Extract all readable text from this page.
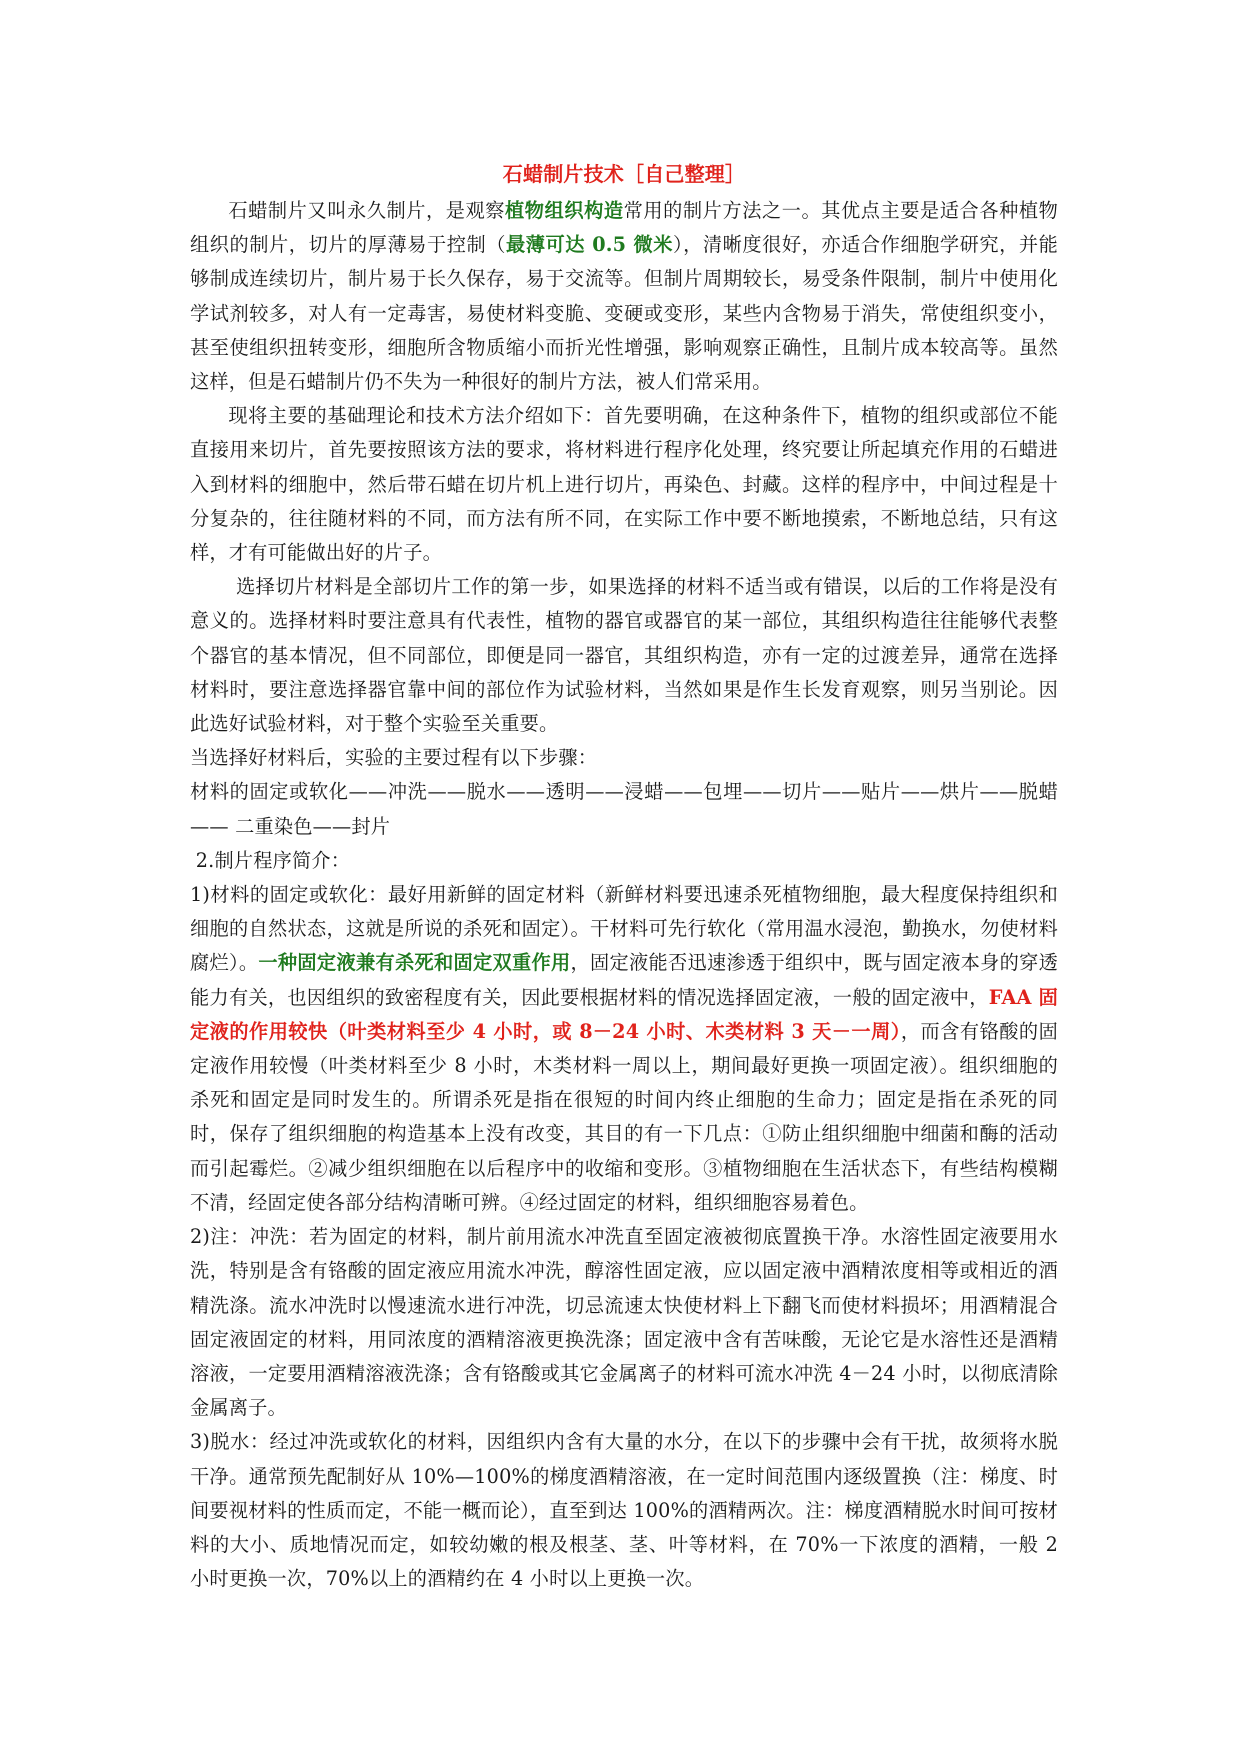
石蜡制片技术［自己整理］

石蜡制片又叫永久制片，是观察植物组织构造常用的制片方法之一。其优点主要是适合各种植物组织的制片，切片的厚薄易于控制（最薄可达 0.5 微米），清晰度很好，亦适合作细胞学研究，并能够制成连续切片，制片易于长久保存，易于交流等。但制片周期较长，易受条件限制，制片中使用化学试剂较多，对人有一定毒害，易使材料变脆、变硬或变形，某些内含物易于消失，常使组织变小，甚至使组织扭转变形，细胞所含物质缩小而折光性增强，影响观察正确性，且制片成本较高等。虽然这样，但是石蜡制片仍不失为一种很好的制片方法，被人们常采用。

现将主要的基础理论和技术方法介绍如下：首先要明确，在这种条件下，植物的组织或部位不能直接用来切片，首先要按照该方法的要求，将材料进行程序化处理，终究要让所起填充作用的石蜡进入到材料的细胞中，然后带石蜡在切片机上进行切片，再染色、封藏。这样的程序中，中间过程是十分复杂的，往往随材料的不同，而方法有所不同，在实际工作中要不断地摸索，不断地总结，只有这样，才有可能做出好的片子。

选择切片材料是全部切片工作的第一步，如果选择的材料不适当或有错误，以后的工作将是没有意义的。选择材料时要注意具有代表性，植物的器官或器官的某一部位，其组织构造往往能够代表整个器官的基本情况，但不同部位，即便是同一器官，其组织构造，亦有一定的过渡差异，通常在选择材料时，要注意选择器官靠中间的部位作为试验材料，当然如果是作生长发育观察，则另当别论。因此选好试验材料，对于整个实验至关重要。

当选择好材料后，实验的主要过程有以下步骤：

材料的固定或软化——冲洗——脱水——透明——浸蜡——包埋——切片——贴片——烘片——脱蜡—— 二重染色——封片

2.制片程序简介：

1)材料的固定或软化：最好用新鲜的固定材料（新鲜材料要迅速杀死植物细胞，最大程度保持组织和细胞的自然状态，这就是所说的杀死和固定）。干材料可先行软化（常用温水浸泡，勤换水，勿使材料腐烂）。一种固定液兼有杀死和固定双重作用，固定液能否迅速渗透于组织中，既与固定液本身的穿透能力有关，也因组织的致密程度有关，因此要根据材料的情况选择固定液，一般的固定液中，FAA 固定液的作用较快（叶类材料至少 4 小时，或 8－24 小时、木类材料 3 天－一周），而含有铬酸的固定液作用较慢（叶类材料至少 8 小时，木类材料一周以上，期间最好更换一项固定液）。组织细胞的杀死和固定是同时发生的。所谓杀死是指在很短的时间内终止细胞的生命力；固定是指在杀死的同时，保存了组织细胞的构造基本上没有改变，其目的有一下几点：①防止组织细胞中细菌和酶的活动而引起霉烂。②减少组织细胞在以后程序中的收缩和变形。③植物细胞在生活状态下，有些结构模糊不清，经固定使各部分结构清晰可辨。④经过固定的材料，组织细胞容易着色。

2)注：冲洗：若为固定的材料，制片前用流水冲洗直至固定液被彻底置换干净。水溶性固定液要用水洗，特别是含有铬酸的固定液应用流水冲洗，醇溶性固定液，应以固定液中酒精浓度相等或相近的酒精洗涤。流水冲洗时以慢速流水进行冲洗，切忌流速太快使材料上下翻飞而使材料损坏；用酒精混合固定液固定的材料，用同浓度的酒精溶液更换洗涤；固定液中含有苦味酸，无论它是水溶性还是酒精溶液，一定要用酒精溶液洗涤；含有铬酸或其它金属离子的材料可流水冲洗 4－24 小时，以彻底清除金属离子。

3)脱水：经过冲洗或软化的材料，因组织内含有大量的水分，在以下的步骤中会有干扰，故须将水脱干净。通常预先配制好从 10%—100%的梯度酒精溶液，在一定时间范围内逐级置换（注：梯度、时间要视材料的性质而定，不能一概而论），直至到达 100%的酒精两次。注：梯度酒精脱水时间可按材料的大小、质地情况而定，如较幼嫩的根及根茎、茎、叶等材料，在 70%一下浓度的酒精，一般 2 小时更换一次，70%以上的酒精约在 4 小时以上更换一次。
